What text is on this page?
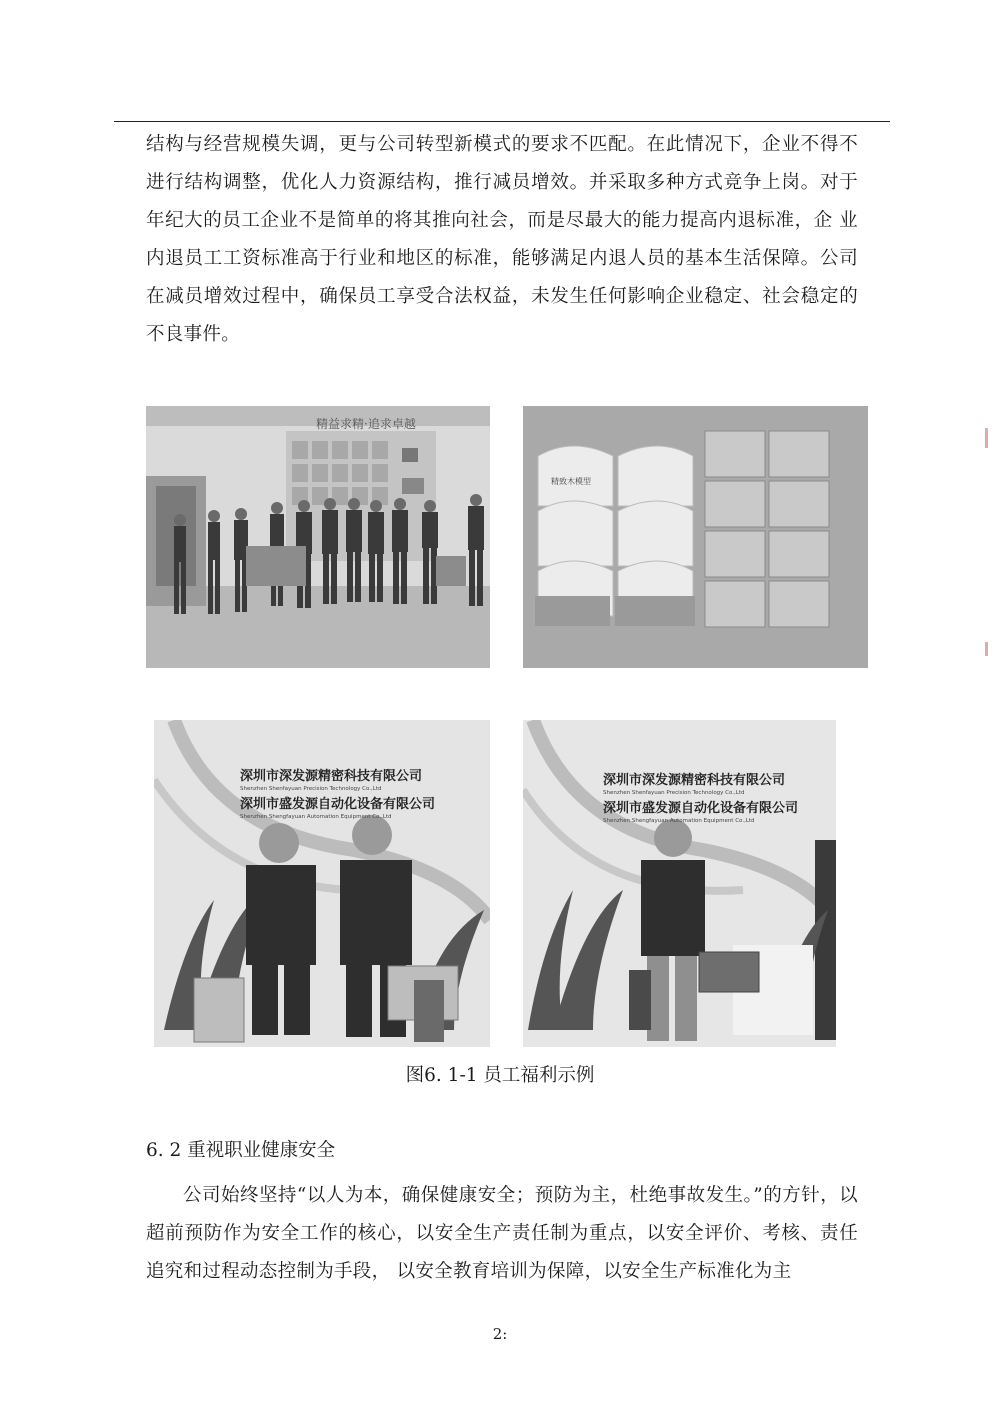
结构与经营规模失调，更与公司转型新模式的要求不匹配。在此情况下，企业不得不进行结构调整，优化人力资源结构，推行减员增效。并采取多种方式竞争上岗。对于年纪大的员工企业不是简单的将其推向社会，而是尽最大的能力提高内退标准，企 业内退员工工资标准高于行业和地区的标准，能够满足内退人员的基本生活保障。公司在减员增效过程中，确保员工享受合法权益，未发生任何影响企业稳定、社会稳定的不良事件。

精益求精·追求卓越
精致木模型
深圳市深发源精密科技有限公司
Shenzhen Shenfayuan Precision Technology Co.,Ltd
深圳市盛发源自动化设备有限公司
Shenzhen Shengfayuan Automation Equipment Co.,Ltd
深圳市深发源精密科技有限公司
Shenzhen Shenfayuan Precision Technology Co.,Ltd
深圳市盛发源自动化设备有限公司
Shenzhen Shengfayuan Automation Equipment Co.,Ltd

图6. 1-1 员工福利示例

6. 2 重视职业健康安全

公司始终坚持“以人为本，确保健康安全；预防为主，杜绝事故发生。”的方针，以超前预防作为安全工作的核心，以安全生产责任制为重点，以安全评价、考核、责任追究和过程动态控制为手段， 以安全教育培训为保障，以安全生产标准化为主

2:
